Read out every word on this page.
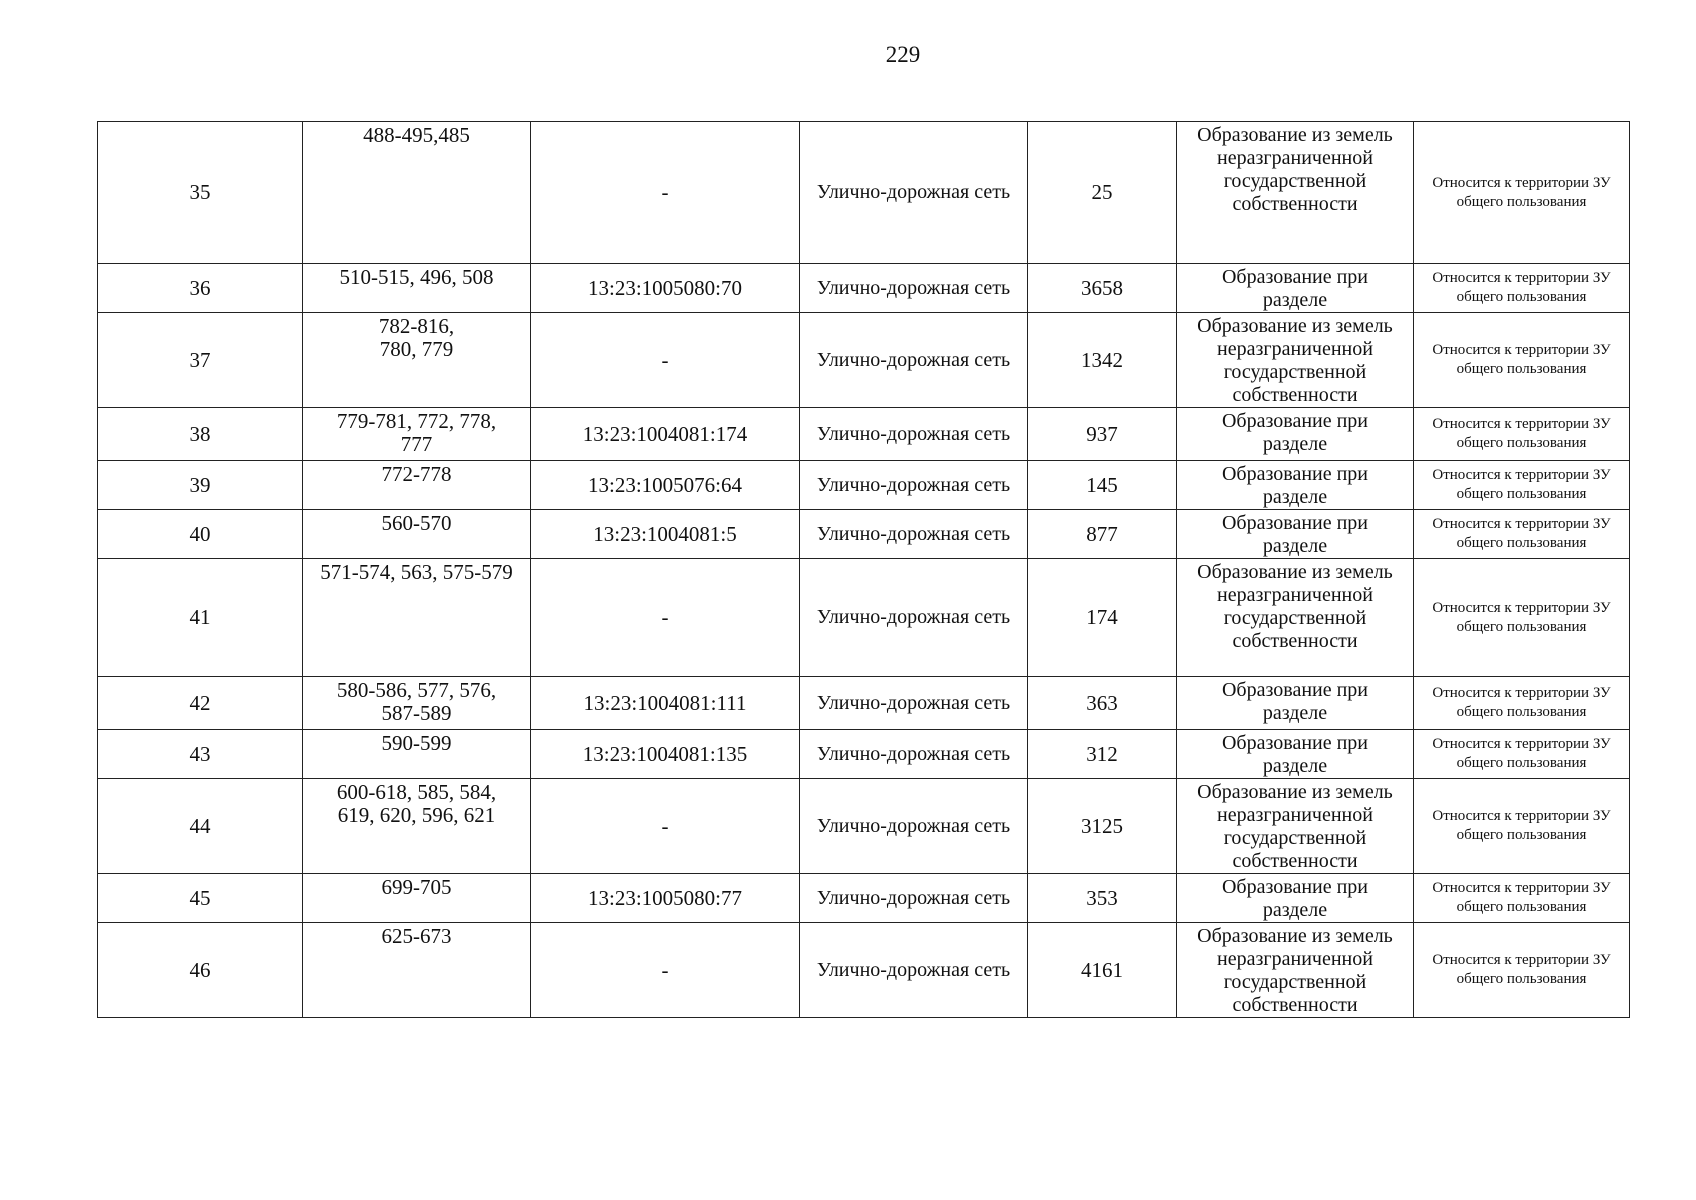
229
35	488-495,485	-	Улично-дорожная сеть	25	Образование из земель
неразграниченной
государственной
собственности	Относится к территории ЗУ
общего пользования

36	510-515, 496, 508	13:23:1005080:70	Улично-дорожная сеть	3658	Образование при
разделе	Относится к территории ЗУ
общего пользования

37	782-816,
780, 779	-	Улично-дорожная сеть	1342	Образование из земель
неразграниченной
государственной
собственности	Относится к территории ЗУ
общего пользования

38	779-781, 772, 778,
777	13:23:1004081:174	Улично-дорожная сеть	937	Образование при
разделе	Относится к территории ЗУ
общего пользования

39	772-778	13:23:1005076:64	Улично-дорожная сеть	145	Образование при
разделе	Относится к территории ЗУ
общего пользования

40	560-570	13:23:1004081:5	Улично-дорожная сеть	877	Образование при
разделе	Относится к территории ЗУ
общего пользования

41	571-574, 563, 575-579	-	Улично-дорожная сеть	174	Образование из земель
неразграниченной
государственной
собственности	Относится к территории ЗУ
общего пользования

42	580-586, 577, 576,
587-589	13:23:1004081:111	Улично-дорожная сеть	363	Образование при
разделе	Относится к территории ЗУ
общего пользования

43	590-599	13:23:1004081:135	Улично-дорожная сеть	312	Образование при
разделе	Относится к территории ЗУ
общего пользования

44	600-618, 585, 584,
619, 620, 596, 621	-	Улично-дорожная сеть	3125	Образование из земель
неразграниченной
государственной
собственности	Относится к территории ЗУ
общего пользования

45	699-705	13:23:1005080:77	Улично-дорожная сеть	353	Образование при
разделе	Относится к территории ЗУ
общего пользования

46	625-673	-	Улично-дорожная сеть	4161	Образование из земель
неразграниченной
государственной
собственности	Относится к территории ЗУ
общего пользования
